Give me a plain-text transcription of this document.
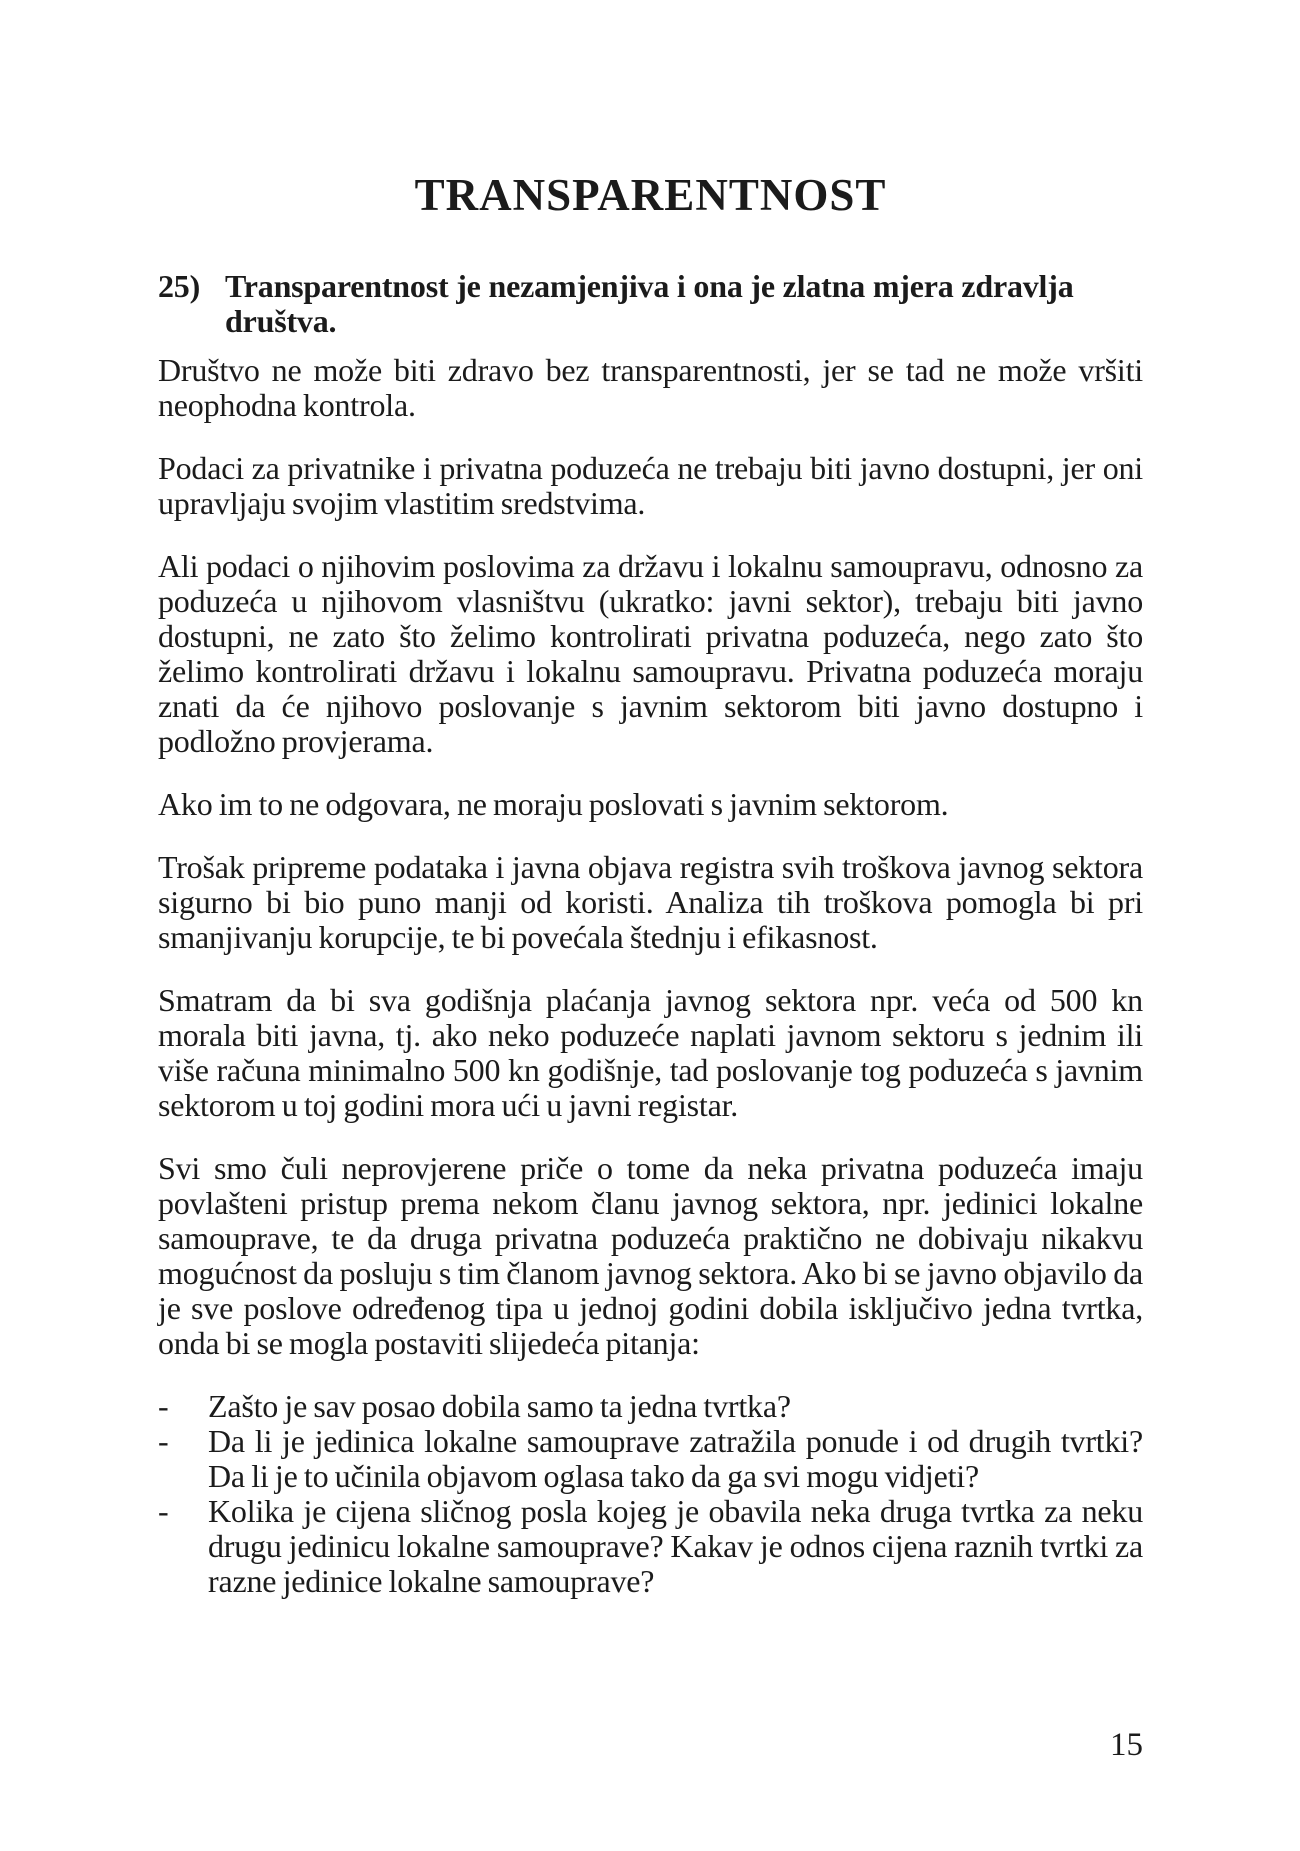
TRANSPARENTNOST

25) Transparentnost je nezamjenjiva i ona je zlatna mjera zdravlja društva.

Društvo ne može biti zdravo bez transparentnosti, jer se tad ne može vršiti neophodna kontrola.

Podaci za privatnike i privatna poduzeća ne trebaju biti javno dostupni, jer oni upravljaju svojim vlastitim sredstvima.

Ali podaci o njihovim poslovima za državu i lokalnu samoupravu, odnosno za poduzeća u njihovom vlasništvu (ukratko: javni sektor), trebaju biti javno dostupni, ne zato što želimo kontrolirati privatna poduzeća, nego zato što želimo kontrolirati državu i lokalnu samoupravu. Privatna poduzeća moraju znati da će njihovo poslovanje s javnim sektorom biti javno dostupno i podložno provjerama.

Ako im to ne odgovara, ne moraju poslovati s javnim sektorom.

Trošak pripreme podataka i javna objava registra svih troškova javnog sektora sigurno bi bio puno manji od koristi. Analiza tih troškova pomogla bi pri smanjivanju korupcije, te bi povećala štednju i efikasnost.

Smatram da bi sva godišnja plaćanja javnog sektora npr. veća od 500 kn morala biti javna, tj. ako neko poduzeće naplati javnom sektoru s jednim ili više računa minimalno 500 kn godišnje, tad poslovanje tog poduzeća s javnim sektorom u toj godini mora ući u javni registar.

Svi smo čuli neprovjerene priče o tome da neka privatna poduzeća imaju povlašteni pristup prema nekom članu javnog sektora, npr. jedinici lokalne samouprave, te da druga privatna poduzeća praktično ne dobivaju nikakvu mogućnost da posluju s tim članom javnog sektora. Ako bi se javno objavilo da je sve poslove određenog tipa u jednoj godini dobila isključivo jedna tvrtka, onda bi se mogla postaviti slijedeća pitanja:

- Zašto je sav posao dobila samo ta jedna tvrtka?
- Da li je jedinica lokalne samouprave zatražila ponude i od drugih tvrtki? Da li je to učinila objavom oglasa tako da ga svi mogu vidjeti?
- Kolika je cijena sličnog posla kojeg je obavila neka druga tvrtka za neku drugu jedinicu lokalne samouprave? Kakav je odnos cijena raznih tvrtki za razne jedinice lokalne samouprave?
15
